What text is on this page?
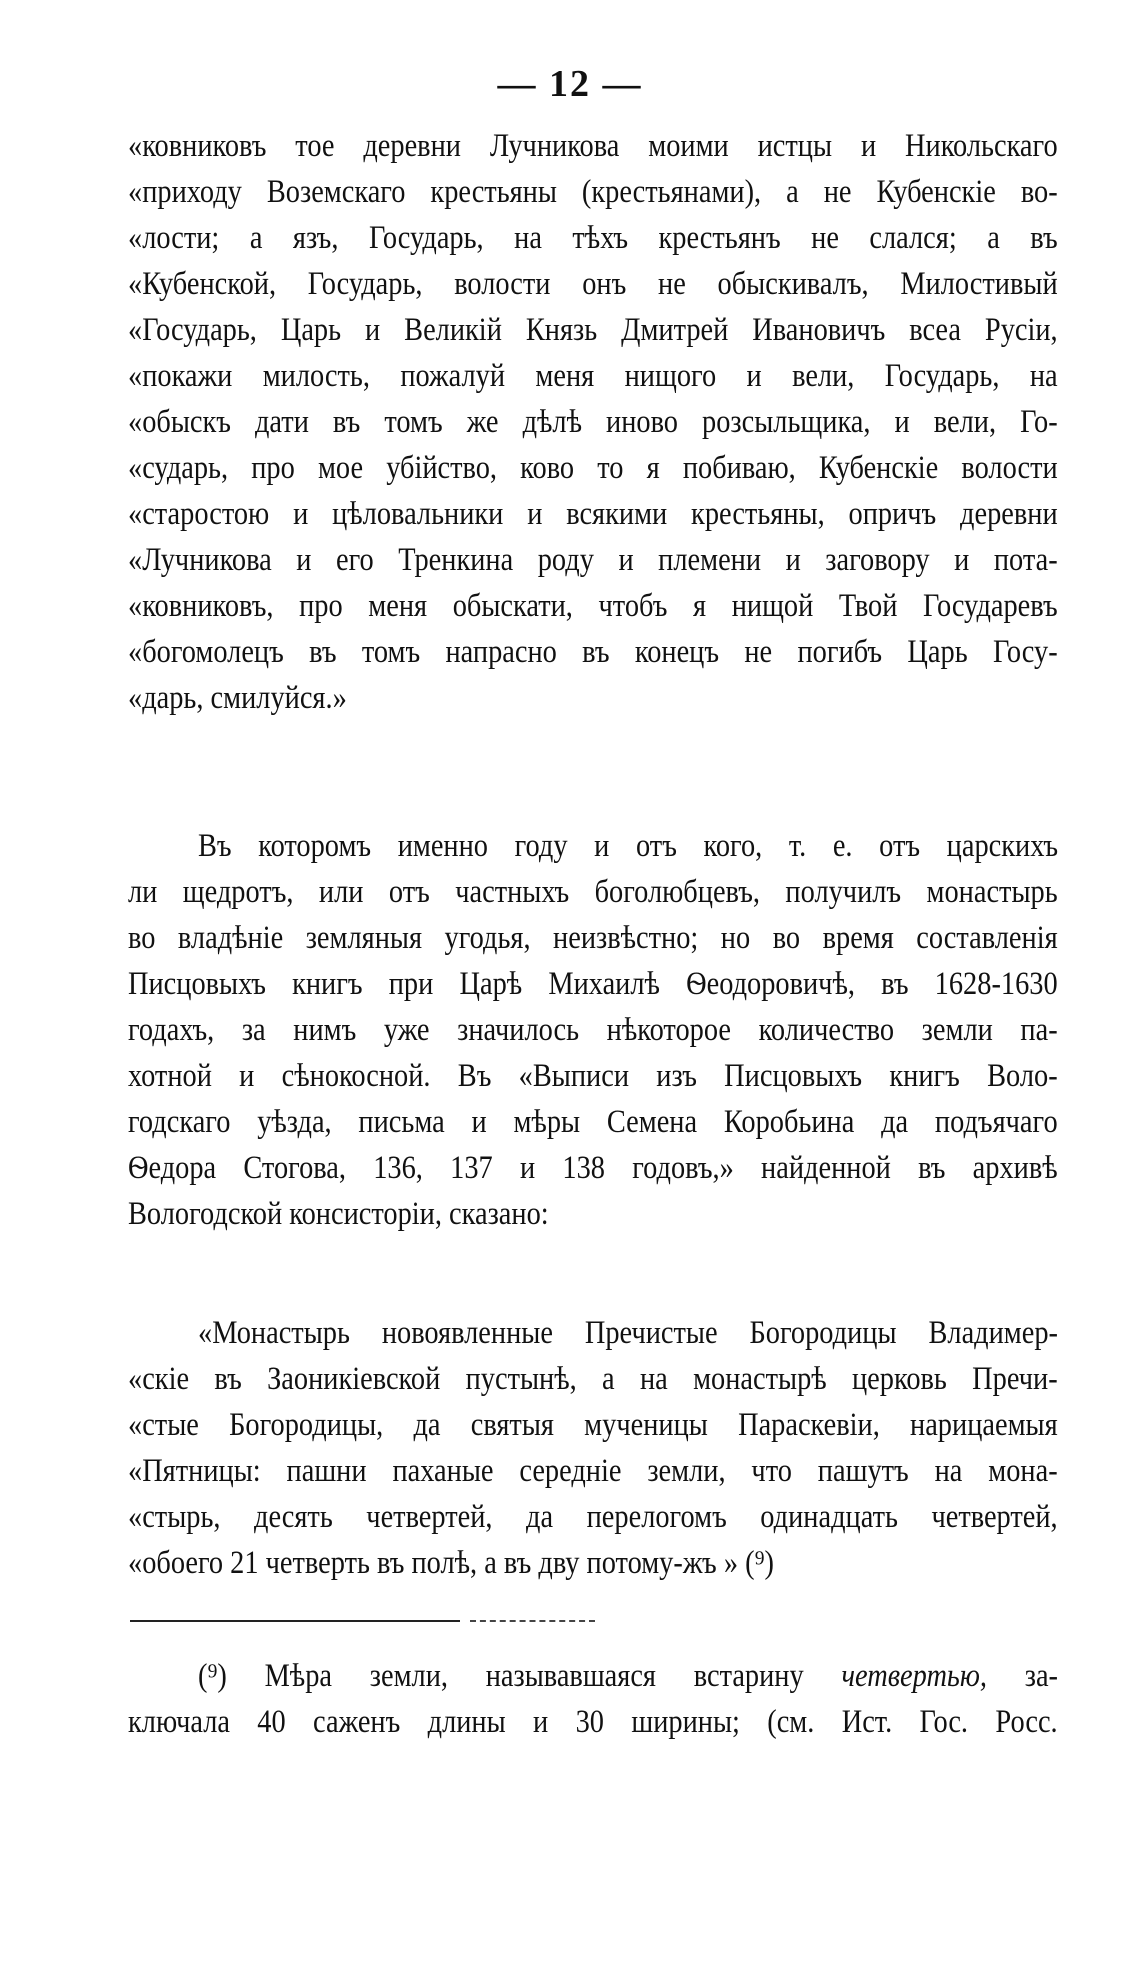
— 12 —
«ковниковъ тое деревни Лучникова моими истцы и Никольскаго
«приходу Воземскаго крестьяны (крестьянами), а не Кубенскіе во-
«лости; а язъ, Государь, на тѣхъ крестьянъ не слался; а въ
«Кубенской, Государь, волости онъ не обыскивалъ, Милостивый
«Государь, Царь и Великій Князь Дмитрей Ивановичъ всеа Русіи,
«покажи милость, пожалуй меня нищого и вели, Государь, на
«обыскъ дати въ томъ же дѣлѣ иново розсыльщика, и вели, Го-
«сударь, про мое убійство, ково то я побиваю, Кубенскіе волости
«старостою и цѣловальники и всякими крестьяны, опричъ деревни
«Лучникова и его Тренкина роду и племени и заговору и пота-
«ковниковъ, про меня обыскати, чтобъ я нищой Твой Государевъ
«богомолецъ въ томъ напрасно въ конецъ не погибъ Царь Госу-
«дарь, смилуйся.»
Въ которомъ именно году и отъ кого, т. е. отъ царскихъ
ли щедротъ, или отъ частныхъ боголюбцевъ, получилъ монастырь
во владѣніе земляныя угодья, неизвѣстно; но во время составленія
Писцовыхъ книгъ при Царѣ Михаилѣ Ѳеодоровичѣ, въ 1628-1630
годахъ, за нимъ уже значилось нѣкоторое количество земли па-
хотной и сѣнокосной. Въ «Выписи изъ Писцовыхъ книгъ Воло-
годскаго уѣзда, письма и мѣры Семена Коробьина да подъячаго
Ѳедора Стогова, 136, 137 и 138 годовъ,» найденной въ архивѣ
Вологодской консисторіи, сказано:
«Монастырь новоявленные Пречистые Богородицы Владимер-
«скіе въ Заоникіевской пустынѣ, а на монастырѣ церковь Пречи-
«стые Богородицы, да святыя мученицы Параскевіи, нарицаемыя
«Пятницы: пашни паханые середніе земли, что пашутъ на мона-
«стырь, десять четвертей, да перелогомъ одинадцать четвертей,
«обоего 21 четверть въ полѣ, а въ дву потому-жъ » (⁹)
(⁹) Мѣра земли, называвшаяся встарину четвертью, за-
ключала 40 саженъ длины и 30 ширины; (см. Ист. Гос. Росс.
